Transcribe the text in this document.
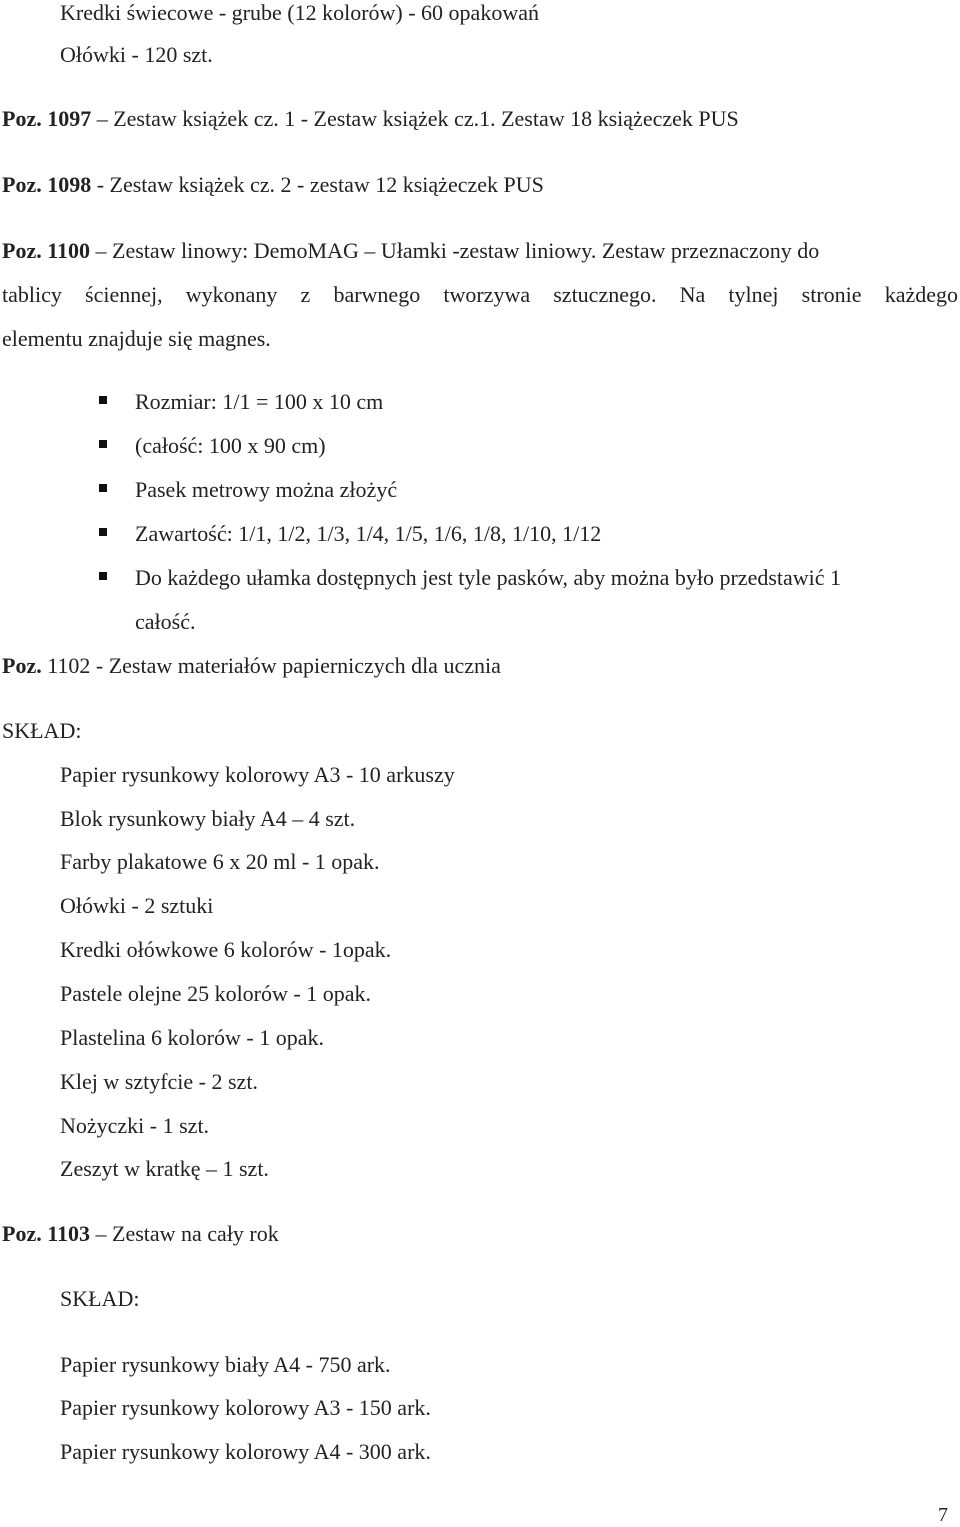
Kredki świecowe - grube (12 kolorów) - 60 opakowań
Ołówki - 120 szt.
Poz. 1097 – Zestaw książek cz. 1 - Zestaw książek cz.1. Zestaw 18 książeczek PUS
Poz. 1098 - Zestaw książek cz. 2 - zestaw 12 książeczek PUS
Poz. 1100 – Zestaw linowy: DemoMAG – Ułamki -zestaw liniowy. Zestaw przeznaczony do
tablicy ściennej, wykonany z barwnego tworzywa sztucznego. Na tylnej stronie każdego
elementu znajduje się magnes.
Rozmiar: 1/1 = 100 x 10 cm
(całość: 100 x 90 cm)
Pasek metrowy można złożyć
Zawartość: 1/1, 1/2, 1/3, 1/4, 1/5, 1/6, 1/8, 1/10, 1/12
Do każdego ułamka dostępnych jest tyle pasków, aby można było przedstawić 1
całość.
Poz. 1102 - Zestaw materiałów papierniczych dla ucznia
SKŁAD:
Papier rysunkowy kolorowy A3 - 10 arkuszy
Blok rysunkowy biały A4 – 4 szt.
Farby plakatowe 6 x 20 ml - 1 opak.
Ołówki - 2 sztuki
Kredki ołówkowe 6 kolorów - 1opak.
Pastele olejne 25 kolorów - 1 opak.
Plastelina 6 kolorów - 1 opak.
Klej w sztyfcie - 2 szt.
Nożyczki - 1 szt.
Zeszyt w kratkę – 1 szt.
Poz. 1103 – Zestaw na cały rok
SKŁAD:
Papier rysunkowy biały A4 - 750 ark.
Papier rysunkowy kolorowy A3 - 150 ark.
Papier rysunkowy kolorowy A4 - 300 ark.
7
